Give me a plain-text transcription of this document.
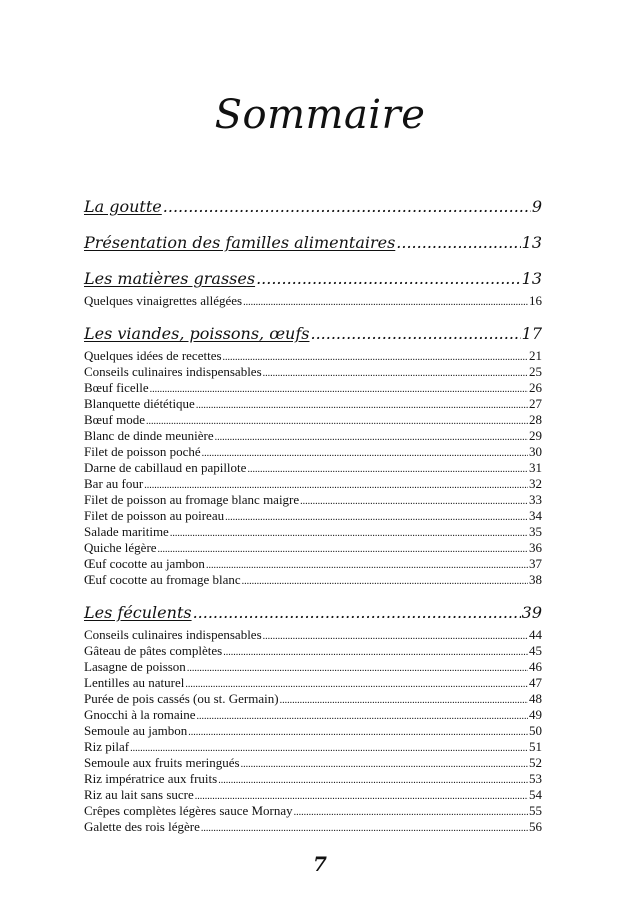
Sommaire
La goutte .....	9
Présentation des familles alimentaires .....	13
Les matières grasses .....	13
Quelques vinaigrettes allégées .....	16
Les viandes, poissons, œufs .....	17
Quelques idées de recettes .....	21
Conseils culinaires indispensables .....	25
Bœuf ficelle .....	26
Blanquette diététique .....	27
Bœuf mode .....	28
Blanc de dinde meunière .....	29
Filet de poisson poché .....	30
Darne de cabillaud en papillote .....	31
Bar au four .....	32
Filet de poisson au fromage blanc maigre .....	33
Filet de poisson au poireau .....	34
Salade maritime .....	35
Quiche légère .....	36
Œuf cocotte au jambon .....	37
Œuf cocotte au fromage blanc .....	38
Les féculents .....	39
Conseils culinaires indispensables .....	44
Gâteau de pâtes complètes .....	45
Lasagne de poisson .....	46
Lentilles au naturel .....	47
Purée de pois cassés (ou st. Germain) .....	48
Gnocchi à la romaine .....	49
Semoule au jambon .....	50
Riz pilaf .....	51
Semoule aux fruits meringués .....	52
Riz impératrice aux fruits .....	53
Riz au lait sans sucre .....	54
Crêpes complètes légères sauce Mornay .....	55
Galette des rois légère .....	56
7
